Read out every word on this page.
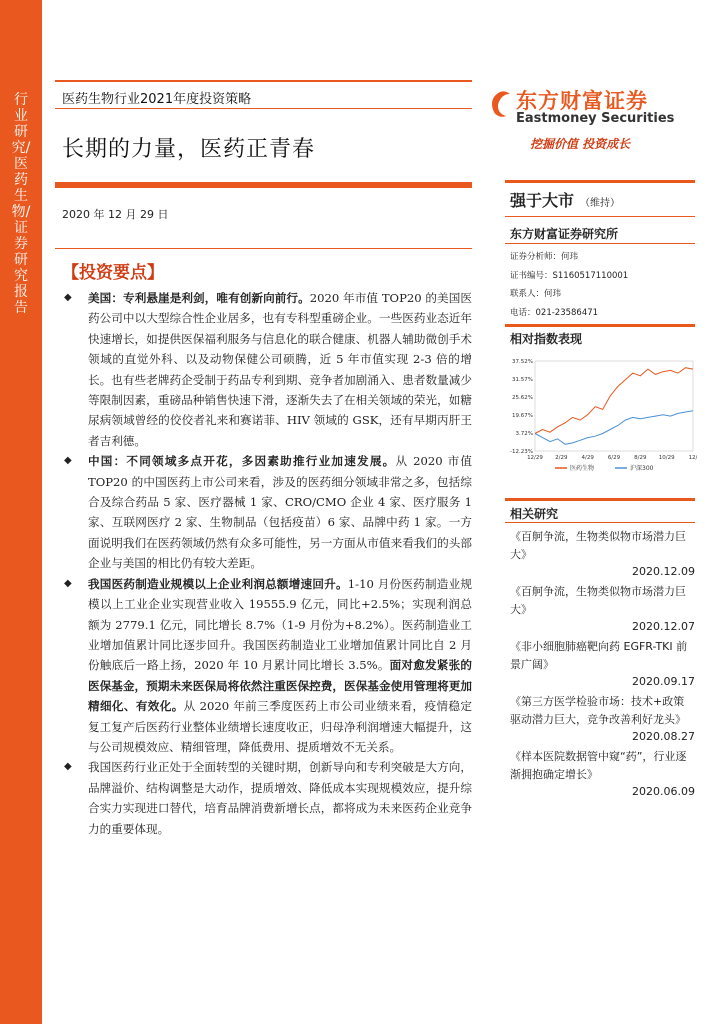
行业研究/医药生物/证券研究报告
医药生物行业2021年度投资策略
长期的力量，医药正青春
2020 年 12 月 29 日
【投资要点】
◆ 美国：专利悬崖是利剑，唯有创新向前行。2020 年市值 TOP20 的美国医药公司中以大型综合性企业居多，也有专科型重磅企业。一些医药业态近年快速增长，如提供医保福利服务与信息化的联合健康、机器人辅助微创手术领域的直觉外科、以及动物保健公司硕腾，近 5 年市值实现 2-3 倍的增长。也有些老牌药企受制于药品专利到期、竞争者加剧涌入、患者数量减少等限制因素，重磅品种销售快速下滑，逐渐失去了在相关领域的荣光，如糖尿病领域曾经的佼佼者礼来和赛诺菲、HIV 领域的 GSK，还有早期丙肝王者吉利德。
◆ 中国：不同领域多点开花，多因素助推行业加速发展。从 2020 市值 TOP20 的中国医药上市公司来看，涉及的医药细分领域非常之多，包括综合及综合药品 5 家、医疗器械 1 家、CRO/CMO 企业 4 家、医疗服务 1 家、互联网医疗 2 家、生物制品（包括疫苗）6 家、品牌中药 1 家。一方面说明我们在医药领域仍然有众多可能性，另一方面从市值来看我们的头部企业与美国的相比仍有较大差距。
◆ 我国医药制造业规模以上企业利润总额增速回升。1-10 月份医药制造业规模以上工业企业实现营业收入 19555.9 亿元，同比+2.5%；实现利润总额为 2779.1 亿元，同比增长 8.7%（1-9 月份为+8.2%）。医药制造业工业增加值累计同比逐步回升。我国医药制造业工业增加值累计同比自 2 月份触底后一路上扬，2020 年 10 月累计同比增长 3.5%。面对愈发紧张的医保基金，预期未来医保局将依然注重医保控费，医保基金使用管理将更加精细化、有效化。从 2020 年前三季度医药上市公司业绩来看，疫情稳定复工复产后医药行业整体业绩增长速度收正，归母净利润增速大幅提升，这与公司规模效应、精细管理，降低费用、提质增效不无关系。
◆ 我国医药行业正处于全面转型的关键时期，创新导向和专利突破是大方向，品牌溢价、结构调整是大动作，提质增效、降低成本实现规模效应，提升综合实力实现进口替代，培育品牌消费新增长点，都将成为未来医药企业竞争力的重要体现。
东方财富证券
Eastmoney Securities
挖掘价值 投资成长
强于大市 （维持）
东方财富证券研究所
证券分析师：何玮
证书编号：S1160517110001
联系人：何玮
电话：021-23586471
相对指数表现
37.52%
31.57%
25.62%
19.67%
3.72%
-12.23%
12/29 2/29	4/29	6/29	8/29 10/29	12/
医药生物	沪深300
相关研究
《百舸争流，生物类似物市场潜力巨大》
2020.12.09
《百舸争流，生物类似物市场潜力巨大》
2020.12.07
《非小细胞肺癌靶向药 EGFR-TKI 前景广阔》
2020.09.17
《第三方医学检验市场：技术+政策驱动潜力巨大，竞争改善利好龙头》
2020.08.27
《样本医院数据管中窥“药”，行业逐渐拥抱确定增长》
2020.06.09
